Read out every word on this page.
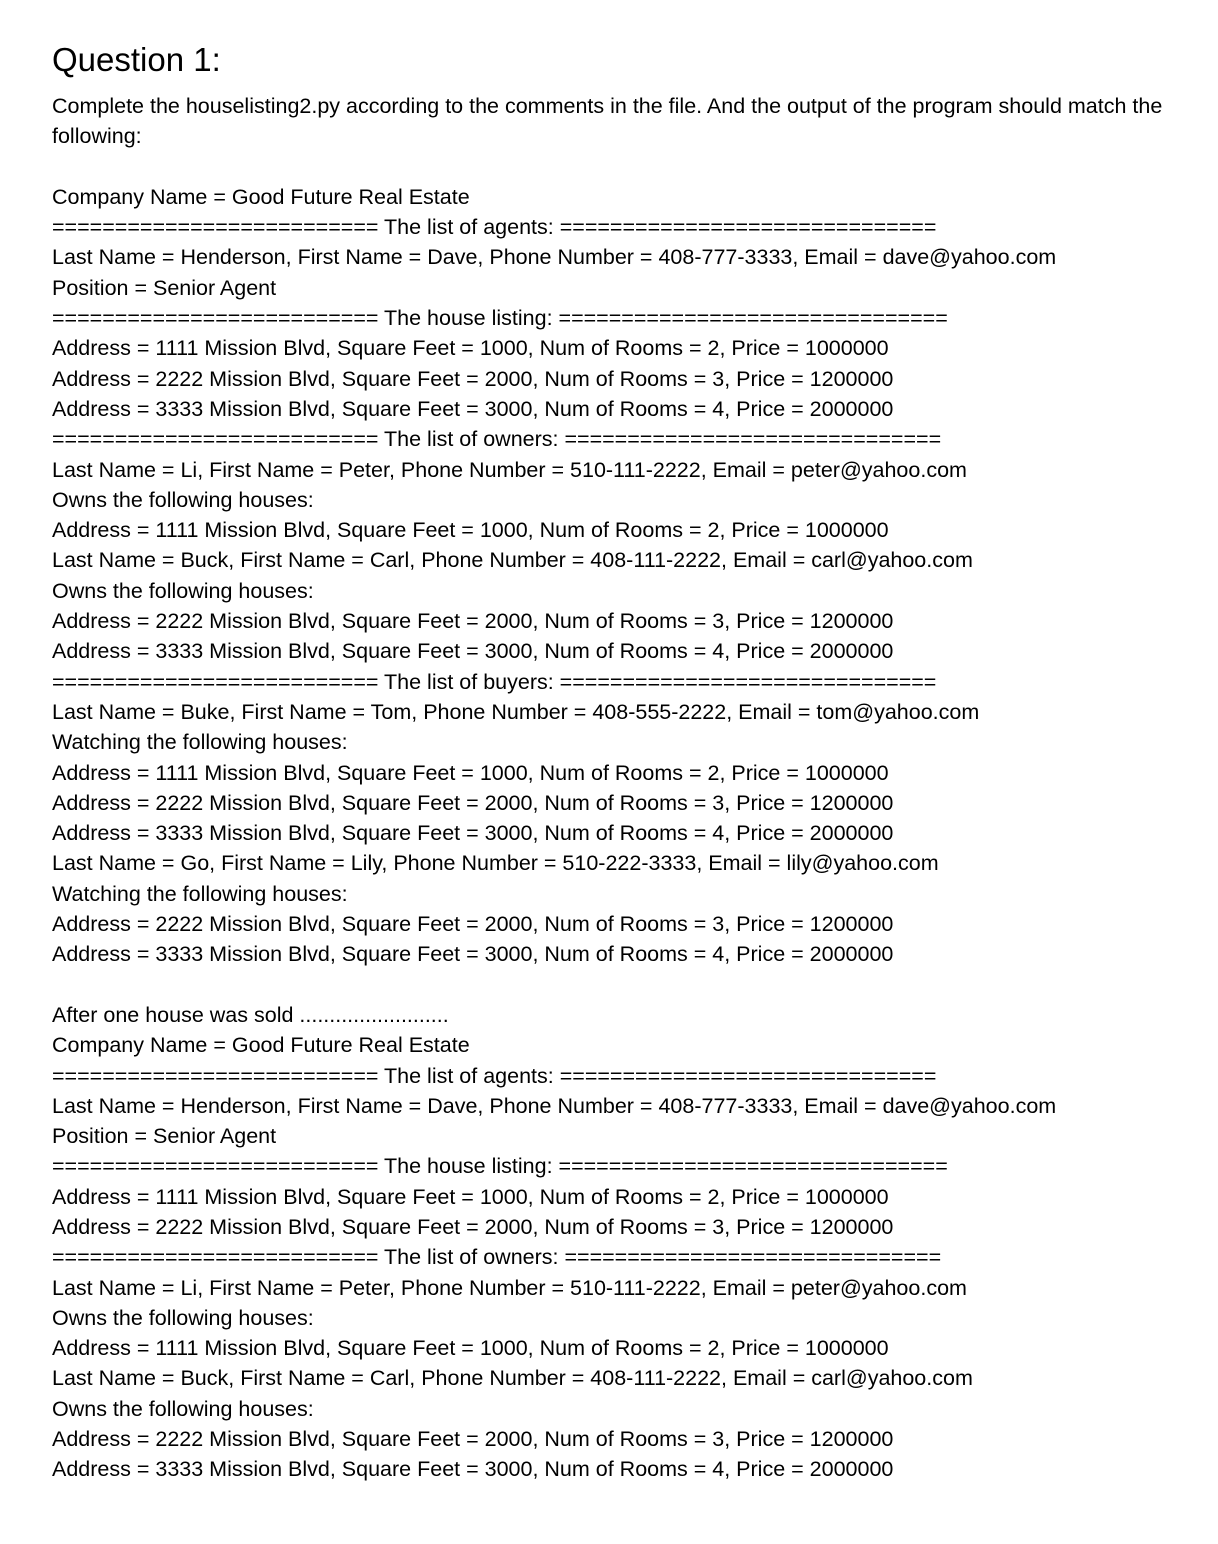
Question 1:

Complete the houselisting2.py according to the comments in the file. And the output of the program should match the following:

Company Name = Good Future Real Estate
========================== The list of agents: ==============================
Last Name = Henderson, First Name = Dave, Phone Number = 408-777-3333, Email = dave@yahoo.com
Position = Senior Agent
========================== The house listing: ===============================
Address = 1111 Mission Blvd, Square Feet = 1000, Num of Rooms = 2, Price = 1000000
Address = 2222 Mission Blvd, Square Feet = 2000, Num of Rooms = 3, Price = 1200000
Address = 3333 Mission Blvd, Square Feet = 3000, Num of Rooms = 4, Price = 2000000
========================== The list of owners: ==============================
Last Name = Li, First Name = Peter, Phone Number = 510-111-2222, Email = peter@yahoo.com
Owns the following houses:
Address = 1111 Mission Blvd, Square Feet = 1000, Num of Rooms = 2, Price = 1000000
Last Name = Buck, First Name = Carl, Phone Number = 408-111-2222, Email = carl@yahoo.com
Owns the following houses:
Address = 2222 Mission Blvd, Square Feet = 2000, Num of Rooms = 3, Price = 1200000
Address = 3333 Mission Blvd, Square Feet = 3000, Num of Rooms = 4, Price = 2000000
========================== The list of buyers: ==============================
Last Name = Buke, First Name = Tom, Phone Number = 408-555-2222, Email = tom@yahoo.com
Watching the following houses:
Address = 1111 Mission Blvd, Square Feet = 1000, Num of Rooms = 2, Price = 1000000
Address = 2222 Mission Blvd, Square Feet = 2000, Num of Rooms = 3, Price = 1200000
Address = 3333 Mission Blvd, Square Feet = 3000, Num of Rooms = 4, Price = 2000000
Last Name = Go, First Name = Lily, Phone Number = 510-222-3333, Email = lily@yahoo.com
Watching the following houses:
Address = 2222 Mission Blvd, Square Feet = 2000, Num of Rooms = 3, Price = 1200000
Address = 3333 Mission Blvd, Square Feet = 3000, Num of Rooms = 4, Price = 2000000
After one house was sold .........................
Company Name = Good Future Real Estate
========================== The list of agents: ==============================
Last Name = Henderson, First Name = Dave, Phone Number = 408-777-3333, Email = dave@yahoo.com
Position = Senior Agent
========================== The house listing: ===============================
Address = 1111 Mission Blvd, Square Feet = 1000, Num of Rooms = 2, Price = 1000000
Address = 2222 Mission Blvd, Square Feet = 2000, Num of Rooms = 3, Price = 1200000
========================== The list of owners: ==============================
Last Name = Li, First Name = Peter, Phone Number = 510-111-2222, Email = peter@yahoo.com
Owns the following houses:
Address = 1111 Mission Blvd, Square Feet = 1000, Num of Rooms = 2, Price = 1000000
Last Name = Buck, First Name = Carl, Phone Number = 408-111-2222, Email = carl@yahoo.com
Owns the following houses:
Address = 2222 Mission Blvd, Square Feet = 2000, Num of Rooms = 3, Price = 1200000
Address = 3333 Mission Blvd, Square Feet = 3000, Num of Rooms = 4, Price = 2000000
